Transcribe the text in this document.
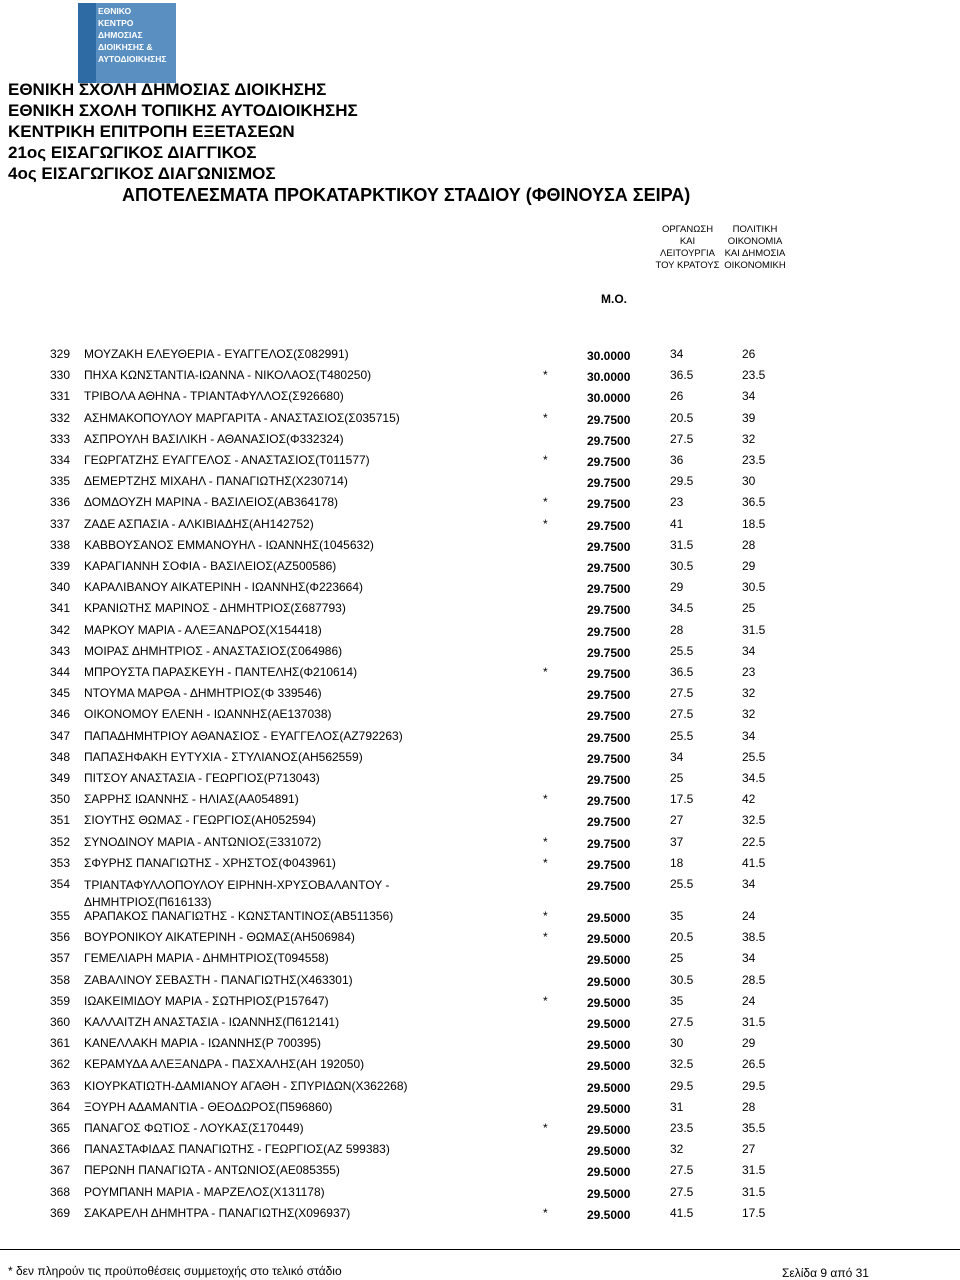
ΕΘΝΙΚΟ
ΚΕΝΤΡΟ
ΔΗΜΟΣΙΑΣ
ΔΙΟΙΚΗΣΗΣ &
ΑΥΤΟΔΙΟΙΚΗΣΗΣ
ΕΘΝΙΚΗ ΣΧΟΛΗ ΔΗΜΟΣΙΑΣ ΔΙΟΙΚΗΣΗΣ
ΕΘΝΙΚΗ ΣΧΟΛΗ ΤΟΠΙΚΗΣ ΑΥΤΟΔΙΟΙΚΗΣΗΣ
ΚΕΝΤΡΙΚΗ ΕΠΙΤΡΟΠΗ ΕΞΕΤΑΣΕΩΝ
21ος ΕΙΣΑΓΩΓΙΚΟΣ ΔΙΑΓΓΙΚΟΣ
4ος ΕΙΣΑΓΩΓΙΚΟΣ ΔΙΑΓΩΝΙΣΜΟΣ
ΑΠΟΤΕΛΕΣΜΑΤΑ ΠΡΟΚΑΤΑΡΚΤΙΚΟΥ ΣΤΑΔΙΟΥ (ΦΘΙΝΟΥΣΑ ΣΕΙΡΑ)
ΟΡΓΑΝΩΣΗ ΚΑΙ
ΛΕΙΤΟΥΡΓΙΑ
ΤΟΥ ΚΡΑΤΟΥΣ
ΠΟΛΙΤΙΚΗ
ΟΙΚΟΝΟΜΙΑ
ΚΑΙ ΔΗΜΟΣΙΑ
ΟΙΚΟΝΟΜΙΚΗ
Μ.Ο.
329 ΜΟΥΖΑΚΗ ΕΛΕΥΘΕΡΙΑ - ΕΥΑΓΓΕΛΟΣ(Σ082991)	30.0000	34	26
330 ΠΗΧΑ ΚΩΝΣΤΑΝΤΙΑ-ΙΩΑΝΝΑ - ΝΙΚΟΛΑΟΣ(Τ480250)	*	30.0000	36.5	23.5
331 ΤΡΙΒΟΛΑ ΑΘΗΝΑ - ΤΡΙΑΝΤΑΦΥΛΛΟΣ(Σ926680)	30.0000	26	34
332 ΑΣΗΜΑΚΟΠΟΥΛΟΥ ΜΑΡΓΑΡΙΤΑ - ΑΝΑΣΤΑΣΙΟΣ(Σ035715)	*	29.7500	20.5	39
333 ΑΣΠΡΟΥΛΗ ΒΑΣΙΛΙΚΗ - ΑΘΑΝΑΣΙΟΣ(Φ332324)	29.7500	27.5	32
334 ΓΕΩΡΓΑΤΖΗΣ ΕΥΑΓΓΕΛΟΣ - ΑΝΑΣΤΑΣΙΟΣ(Τ011577)	*	29.7500	36	23.5
335 ΔΕΜΕΡΤΖΗΣ ΜΙΧΑΗΛ - ΠΑΝΑΓΙΩΤΗΣ(Χ230714)	29.7500	29.5	30
336 ΔΟΜΔΟΥΖΗ ΜΑΡΙΝΑ - ΒΑΣΙΛΕΙΟΣ(ΑΒ364178)	*	29.7500	23	36.5
337 ΖΑΔΕ ΑΣΠΑΣΙΑ - ΑΛΚΙΒΙΑΔΗΣ(ΑΗ142752)	*	29.7500	41	18.5
338 ΚΑΒΒΟΥΣΑΝΟΣ ΕΜΜΑΝΟΥΗΛ - ΙΩΑΝΝΗΣ(1045632)	29.7500	31.5	28
339 ΚΑΡΑΓΙΑΝΝΗ ΣΟΦΙΑ - ΒΑΣΙΛΕΙΟΣ(ΑΖ500586)	29.7500	30.5	29
340 ΚΑΡΑΛΙΒΑΝΟΥ ΑΙΚΑΤΕΡΙΝΗ - ΙΩΑΝΝΗΣ(Φ223664)	29.7500	29	30.5
341 ΚΡΑΝΙΩΤΗΣ ΜΑΡΙΝΟΣ - ΔΗΜΗΤΡΙΟΣ(Σ687793)	29.7500	34.5	25
342 ΜΑΡΚΟΥ ΜΑΡΙΑ - ΑΛΕΞΑΝΔΡΟΣ(Χ154418)	29.7500	28	31.5
343 ΜΟΙΡΑΣ ΔΗΜΗΤΡΙΟΣ - ΑΝΑΣΤΑΣΙΟΣ(Σ064986)	29.7500	25.5	34
344 ΜΠΡΟΥΣΤΑ ΠΑΡΑΣΚΕΥΗ - ΠΑΝΤΕΛΗΣ(Φ210614)	*	29.7500	36.5	23
345 ΝΤΟΥΜΑ ΜΑΡΘΑ - ΔΗΜΗΤΡΙΟΣ(Φ 339546)	29.7500	27.5	32
346 ΟΙΚΟΝΟΜΟΥ ΕΛΕΝΗ - ΙΩΑΝΝΗΣ(ΑΕ137038)	29.7500	27.5	32
347 ΠΑΠΑΔΗΜΗΤΡΙΟΥ ΑΘΑΝΑΣΙΟΣ - ΕΥΑΓΓΕΛΟΣ(ΑΖ792263)	29.7500	25.5	34
348 ΠΑΠΑΣΗΦΑΚΗ ΕΥΤΥΧΙΑ - ΣΤΥΛΙΑΝΟΣ(ΑΗ562559)	29.7500	34	25.5
349 ΠΙΤΣΟΥ ΑΝΑΣΤΑΣΙΑ - ΓΕΩΡΓΙΟΣ(Ρ713043)	29.7500	25	34.5
350 ΣΑΡΡΗΣ ΙΩΑΝΝΗΣ - ΗΛΙΑΣ(ΑΑ054891)	*	29.7500	17.5	42
351 ΣΙΟΥΤΗΣ ΘΩΜΑΣ - ΓΕΩΡΓΙΟΣ(ΑΗ052594)	29.7500	27	32.5
352 ΣΥΝΟΔΙΝΟΥ ΜΑΡΙΑ - ΑΝΤΩΝΙΟΣ(Ξ331072)	*	29.7500	37	22.5
353 ΣΦΥΡΗΣ ΠΑΝΑΓΙΩΤΗΣ - ΧΡΗΣΤΟΣ(Φ043961)	*	29.7500	18	41.5
354 ΤΡΙΑΝΤΑΦΥΛΛΟΠΟΥΛΟΥ ΕΙΡΗΝΗ-ΧΡΥΣΟΒΑΛΑΝΤΟΥ - ΔΗΜΗΤΡΙΟΣ(Π616133)
29.7500	25.5	34
355 ΑΡΑΠΑΚΟΣ ΠΑΝΑΓΙΩΤΗΣ - ΚΩΝΣΤΑΝΤΙΝΟΣ(ΑΒ511356)	*	29.5000	35	24
356 ΒΟΥΡΟΝΙΚΟΥ ΑΙΚΑΤΕΡΙΝΗ - ΘΩΜΑΣ(ΑΗ506984)	*	29.5000	20.5	38.5
357 ΓΕΜΕΛΙΑΡΗ ΜΑΡΙΑ - ΔΗΜΗΤΡΙΟΣ(Τ094558)	29.5000	25	34
358 ΖΑΒΑΛΙΝΟΥ ΣΕΒΑΣΤΗ - ΠΑΝΑΓΙΩΤΗΣ(Χ463301)	29.5000	30.5	28.5
359 ΙΩΑΚΕΙΜΙΔΟΥ ΜΑΡΙΑ - ΣΩΤΗΡΙΟΣ(Ρ157647)	*	29.5000	35	24
360 ΚΑΛΛΑΙΤΖΗ ΑΝΑΣΤΑΣΙΑ - ΙΩΑΝΝΗΣ(Π612141)	29.5000	27.5	31.5
361 ΚΑΝΕΛΛΑΚΗ ΜΑΡΙΑ - ΙΩΑΝΝΗΣ(Ρ 700395)	29.5000	30	29
362 ΚΕΡΑΜΥΔΑ ΑΛΕΞΑΝΔΡΑ - ΠΑΣΧΑΛΗΣ(ΑΗ 192050)	29.5000	32.5	26.5
363 ΚΙΟΥΡΚΑΤΙΩΤΗ-ΔΑΜΙΑΝΟΥ ΑΓΑΘΗ - ΣΠΥΡΙΔΩΝ(Χ362268)	29.5000	29.5	29.5
364 ΞΟΥΡΗ ΑΔΑΜΑΝΤΙΑ - ΘΕΟΔΩΡΟΣ(Π596860)	29.5000	31	28
365 ΠΑΝΑΓΟΣ ΦΩΤΙΟΣ - ΛΟΥΚΑΣ(Σ170449)	*	29.5000	23.5	35.5
366 ΠΑΝΑΣΤΑΦΙΔΑΣ ΠΑΝΑΓΙΩΤΗΣ - ΓΕΩΡΓΙΟΣ(ΑΖ 599383)	29.5000	32	27
367 ΠΕΡΩΝΗ ΠΑΝΑΓΙΩΤΑ - ΑΝΤΩΝΙΟΣ(ΑΕ085355)	29.5000	27.5	31.5
368 ΡΟΥΜΠΑΝΗ ΜΑΡΙΑ - ΜΑΡΖΕΛΟΣ(Χ131178)	29.5000	27.5	31.5
369 ΣΑΚΑΡΕΛΗ ΔΗΜΗΤΡΑ - ΠΑΝΑΓΙΩΤΗΣ(Χ096937)	*	29.5000	41.5	17.5
* δεν πληρούν τις προϋποθέσεις συμμετοχής στο τελικό στάδιο	Σελίδα 9 από 31
